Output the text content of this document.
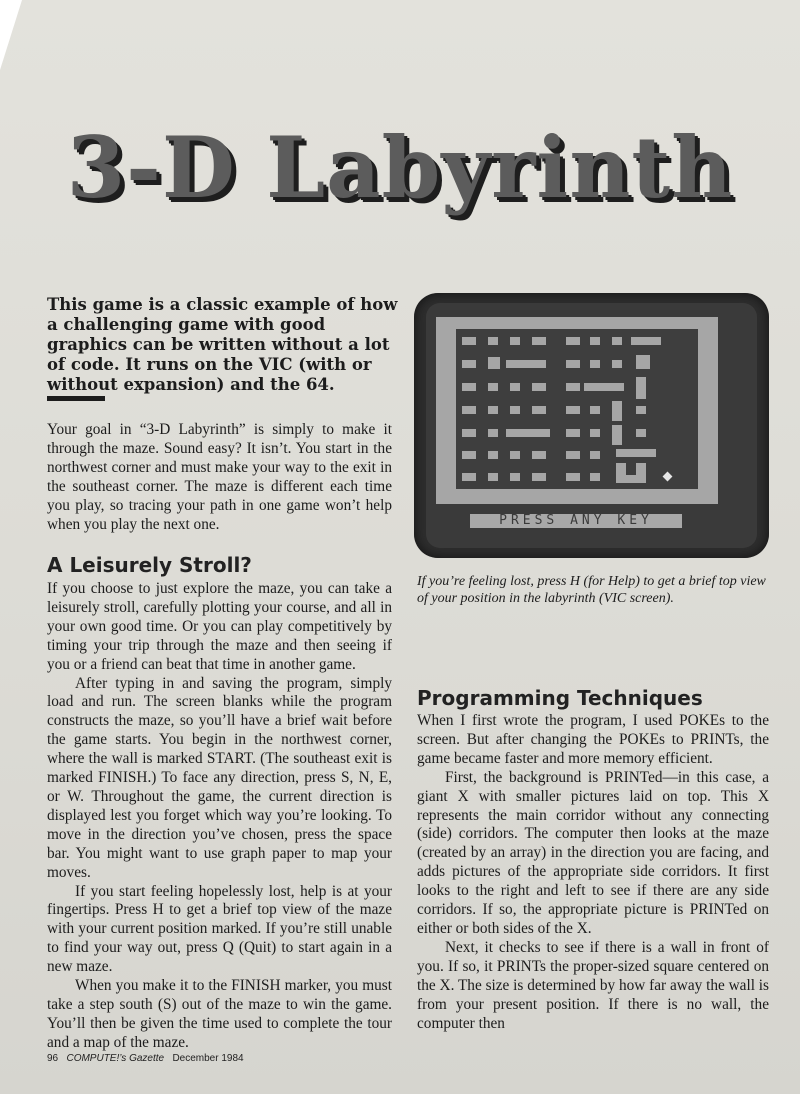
3-D Labyrinth
This game is a classic example of how a challenging game with good graphics can be written without a lot of code. It runs on the VIC (with or without expansion) and the 64.

Your goal in “3-D Labyrinth” is simply to make it through the maze. Sound easy? It isn’t. You start in the northwest corner and must make your way to the exit in the southeast corner. The maze is different each time you play, so tracing your path in one game won’t help when you play the next one.

A Leisurely Stroll?

If you choose to just explore the maze, you can take a leisurely stroll, carefully plotting your course, and all in your own good time. Or you can play competitively by timing your trip through the maze and then seeing if you or a friend can beat that time in another game.

After typing in and saving the program, simply load and run. The screen blanks while the program constructs the maze, so you’ll have a brief wait before the game starts. You begin in the northwest corner, where the wall is marked START. (The southeast exit is marked FINISH.) To face any direction, press S, N, E, or W. Throughout the game, the current direction is displayed lest you forget which way you’re looking. To move in the direction you’ve chosen, press the space bar. You might want to use graph paper to map your moves.

If you start feeling hopelessly lost, help is at your fingertips. Press H to get a brief top view of the maze with your current position marked. If you’re still unable to find your way out, press Q (Quit) to start again in a new maze.

When you make it to the FINISH marker, you must take a step south (S) out of the maze to win the game. You’ll then be given the time used to complete the tour and a map of the maze.

PRESS ANY KEY
If you’re feeling lost, press H (for Help) to get a brief top view of your position in the labyrinth (VIC screen).
Programming Techniques

When I first wrote the program, I used POKEs to the screen. But after changing the POKEs to PRINTs, the game became faster and more memory efficient.

First, the background is PRINTed—in this case, a giant X with smaller pictures laid on top. This X represents the main corridor without any connecting (side) corridors. The computer then looks at the maze (created by an array) in the direction you are facing, and adds pictures of the appropriate side corridors. It first looks to the right and left to see if there are any side corridors. If so, the appropriate picture is PRINTed on either or both sides of the X.

Next, it checks to see if there is a wall in front of you. If so, it PRINTs the proper-sized square centered on the X. The size is determined by how far away the wall is from your present position. If there is no wall, the computer then

96 COMPUTE!’s Gazette December 1984
